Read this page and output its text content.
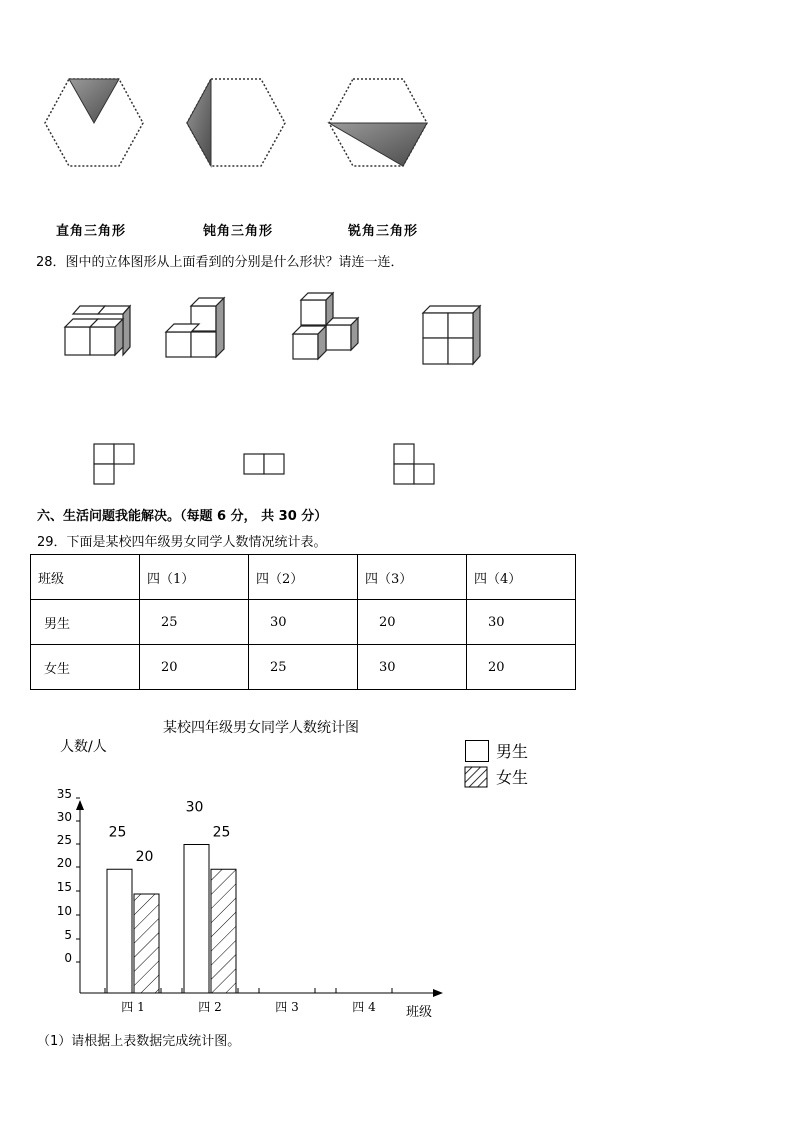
直角三角形	钝角三角形	锐角三角形
28．图中的立体图形从上面看到的分别是什么形状？请连一连．
六、生活问题我能解决。（每题 6 分， 共 30 分）
29．下面是某校四年级男女同学人数情况统计表。
班级	四（1）	四（2）	四（3）	四（4）

男生	25	30	20	30

女生	20	25	30	20
某校四年级男女同学人数统计图
人数/人	男生
女生
35
30
25
20
15
10
5
0
25
30
20
25
四 1	四 2	四 3	四 4 班级
（1）请根据上表数据完成统计图。
